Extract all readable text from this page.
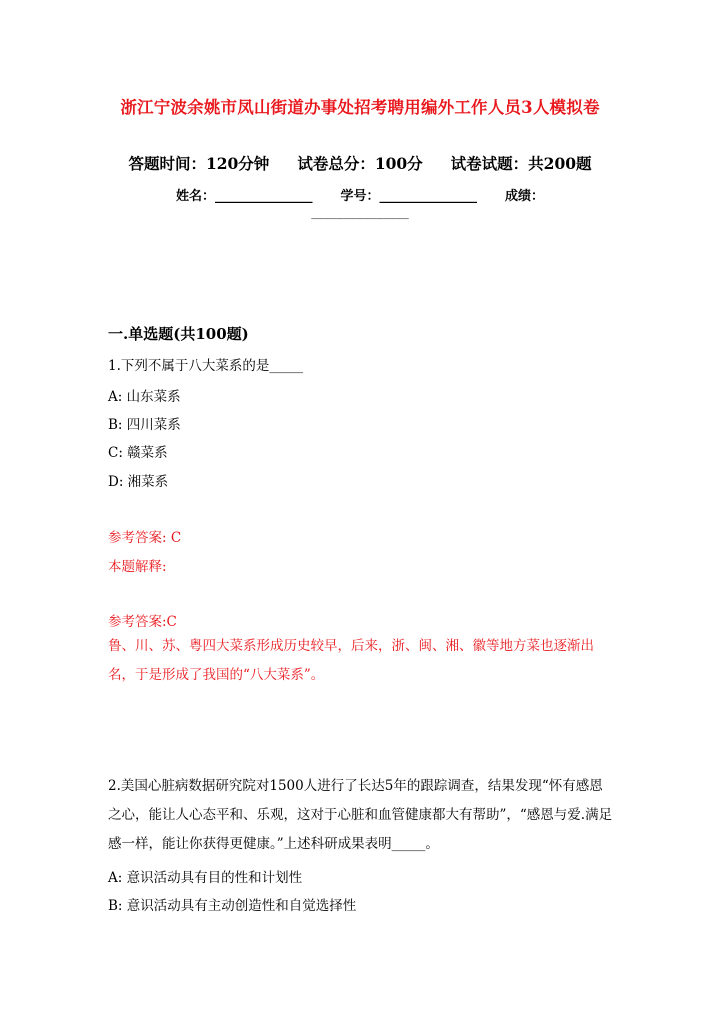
浙江宁波余姚市凤山街道办事处招考聘用编外工作人员3人模拟卷
答题时间：120分钟 试卷总分：100分 试卷试题：共200题
姓名：_______________ 学号：_______________ 成绩：
_______________
一.单选题(共100题)
1.下列不属于八大菜系的是_____
A: 山东菜系
B: 四川菜系
C: 赣菜系
D: 湘菜系
参考答案: C
本题解释:
参考答案:C
鲁、川、苏、粤四大菜系形成历史较早，后来，浙、闽、湘、徽等地方菜也逐渐出名，于是形成了我国的“八大菜系”。
2.美国心脏病数据研究院对1500人进行了长达5年的跟踪调查，结果发现“怀有感恩之心，能让人心态平和、乐观，这对于心脏和血管健康都大有帮助”，“感恩与爱.满足感一样，能让你获得更健康。”上述科研成果表明_____。
A: 意识活动具有目的性和计划性
B: 意识活动具有主动创造性和自觉选择性
